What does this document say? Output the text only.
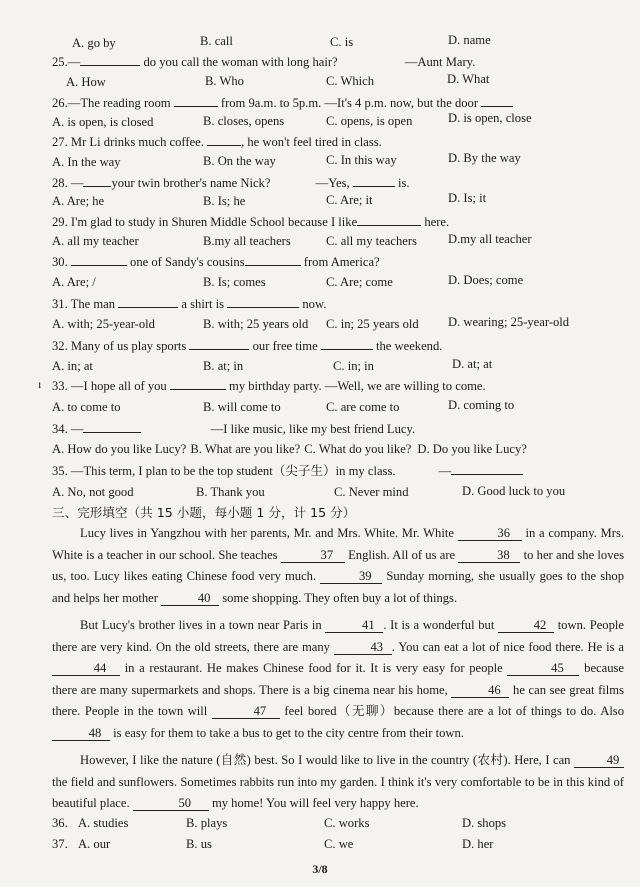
A. go by	B. call	C. is	D. name
25.—	do you call the woman with long hair?	—Aunt Mary.
A. How	B. Who	C. Which	D. What
26.—The reading room	from 9a.m. to 5p.m. —It's 4 p.m. now, but the door
A. is open, is closed	B. closes, opens	C. opens, is open	D. is open, close
27. Mr Li drinks much coffee.	, he won't feel tired in class.
A. In the way	B. On the way	C. In this way	D. By the way
28. — your twin brother's name Nick?	—Yes,	is.
A. Are; he	B. Is; he	C. Are; it	D. Is; it
29. I'm glad to study in Shuren Middle School because I like	here.
A. all my teacher	B.my all teachers	C. all my teachers D.my all teacher
30.	one of Sandy's cousins	from America?
A. Are; /	B. Is; comes	C. Are; come	D. Does; come
31. The man	a shirt is	now.
A. with; 25-year-old	B. with; 25 years old C. in; 25 years old D. wearing; 25-year-old
32. Many of us play sports	our free time	the weekend.
A. in; at	B. at; in	C. in; in	D. at; at
ı 33. —I hope all of you	my birthday party. —Well, we are willing to come.
A. to come to	B. will come to	C. are come to	D. coming to
34. —	—I like music, like my best friend Lucy.
A. How do you like Lucy? B. What are you like? C. What do you like? D. Do you like Lucy?
35. —This term, I plan to be the top student（尖子生）in my class.	—
A. No, not good	B. Thank you	C. Never mind	D. Good luck to you
三、完形填空（共 15 小题，每小题 1 分，计 15 分）
Lucy lives in Yangzhou with her parents, Mr. and Mrs. White. Mr. White	36 in a company. Mrs. White is a teacher in our school. She teaches	37 English. All of us are	38 to her and she loves us, too. Lucy likes eating Chinese food very much.	39 Sunday morning, she usually goes to the shop and helps her mother	40 some shopping. They often buy a lot of things.
But Lucy's brother lives in a town near Paris in	41 . It is a wonderful but	42 town. People there are very kind. On the old streets, there are many	43 . You can eat a lot of nice food there. He is a 44 in a restaurant. He makes Chinese food for it. It is very easy for people	45 because there are many supermarkets and shops. There is a big cinema near his home,	46 he can see great films there. People in the town will	47 feel bored（无聊）because there are a lot of things to do. Also 48 is easy for them to take a bus to get to the city centre from their town.
However, I like the nature (自然) best. So I would like to live in the country (农村). Here, I can	49 the field and sunflowers. Sometimes rabbits run into my garden. I think it's very comfortable to be in this kind of beautiful place.	50 my home! You will feel very happy here.
36. A. studies	B. plays	C. works	D. shops
37. A. our	B. us	C. we	D. her
3/8
